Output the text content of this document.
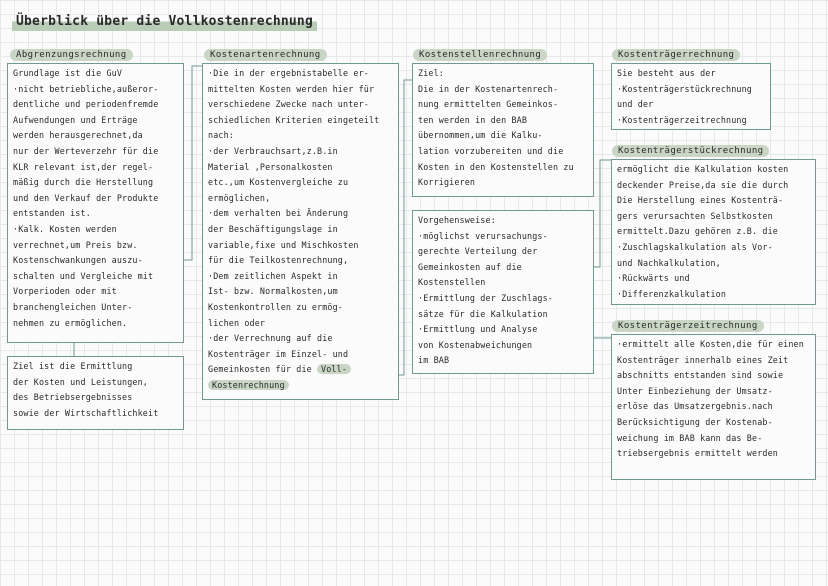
Überblick über die Vollkostenrechnung
Abgrenzungsrechnung
Grundlage ist die GuV
·nicht betriebliche,außeror-
dentliche und periodenfremde
Aufwendungen und Erträge
werden herausgerechnet,da
nur der Werteverzehr für die
KLR relevant ist,der regel-
mäßig durch die Herstellung
und den Verkauf der Produkte
entstanden ist.
·Kalk. Kosten werden
verrechnet,um Preis bzw.
Kostenschwankungen auszu-
schalten und Vergleiche mit
Vorperioden oder mit
branchengleichen Unter-
nehmen zu ermöglichen.
Ziel ist die Ermittlung
der Kosten und Leistungen,
des Betriebsergebnisses
sowie der Wirtschaftlichkeit
Kostenartenrechnung
·Die in der ergebnistabelle er-
mittelten Kosten werden hier für
verschiedene Zwecke nach unter-
schiedlichen Kriterien eingeteilt
nach:
·der Verbrauchsart,z.B.in
Material ,Personalkosten
etc.,um Kostenvergleiche zu
ermöglichen,
·dem verhalten bei Änderung
der Beschäftigungslage in
variable,fixe und Mischkosten
für die Teilkostenrechnung,
·Dem zeitlichen Aspekt in
Ist- bzw. Normalkosten,um
Kostenkontrollen zu ermög-
lichen oder
·der Verrechnung auf die
Kostenträger im Einzel- und
Gemeinkosten für die Voll-
Kostenrechnung
Kostenstellenrechnung
Ziel:
Die in der Kostenartenrech-
nung ermittelten Gemeinkos-
ten werden in den BAB
übernommen,um die Kalku-
lation vorzubereiten und die
Kosten in den Kostenstellen zu
Korrigieren
Vorgehensweise:
·möglichst verursachungs-
gerechte Verteilung der
Gemeinkosten auf die
Kostenstellen
·Ermittlung der Zuschlags-
sätze für die Kalkulation
·Ermittlung und Analyse
von Kostenabweichungen
im BAB
Kostenträgerrechnung
Sie besteht aus der
·Kostenträgerstückrechnung
und der
·Kostenträgerzeitrechnung
Kostenträgerstückrechnung
ermöglicht die Kalkulation kosten
deckender Preise,da sie die durch
Die Herstellung eines Kostenträ-
gers verursachten Selbstkosten
ermittelt.Dazu gehören z.B. die
·Zuschlagskalkulation als Vor-
und Nachkalkulation,
·Rückwärts und
·Differenzkalkulation
Kostenträgerzeitrechnung
·ermittelt alle Kosten,die für einen
Kostenträger innerhalb eines Zeit
abschnitts entstanden sind sowie
Unter Einbeziehung der Umsatz-
erlöse das Umsatzergebnis.nach
Berücksichtigung der Kostenab-
weichung im BAB kann das Be-
triebsergebnis ermittelt werden
